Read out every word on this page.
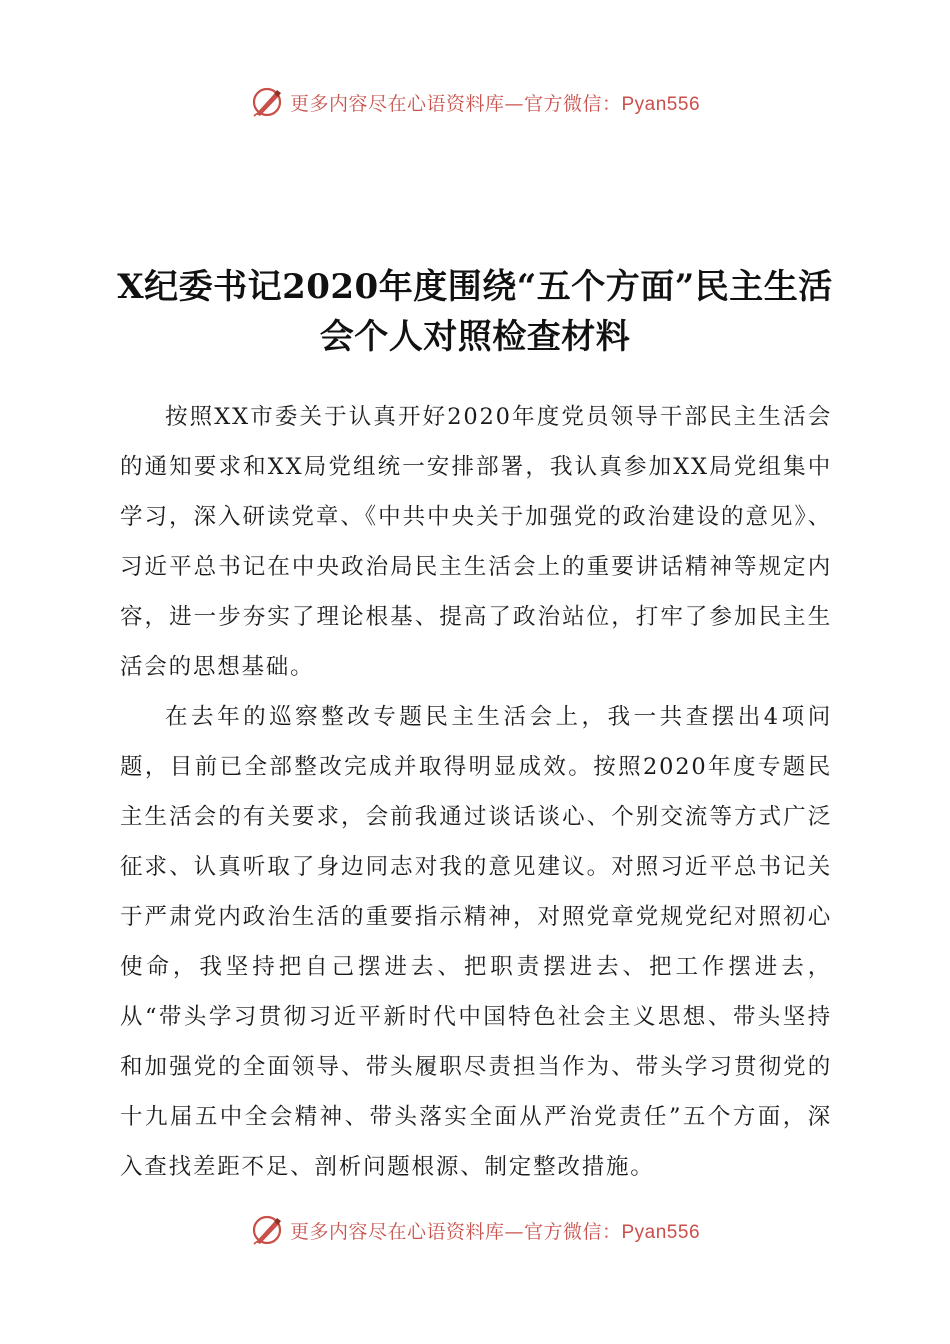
更多内容尽在心语资料库—官方微信：Pyan556
X纪委书记2020年度围绕“五个方面”民主生活会个人对照检查材料

按照XX市委关于认真开好2020年度党员领导干部民主生活会的通知要求和XX局党组统一安排部署，我认真参加XX局党组集中学习，深入研读党章、《中共中央关于加强党的政治建设的意见》、习近平总书记在中央政治局民主生活会上的重要讲话精神等规定内容，进一步夯实了理论根基、提高了政治站位，打牢了参加民主生活会的思想基础。

在去年的巡察整改专题民主生活会上，我一共查摆出4项问题，目前已全部整改完成并取得明显成效。按照2020年度专题民主生活会的有关要求，会前我通过谈话谈心、个别交流等方式广泛征求、认真听取了身边同志对我的意见建议。对照习近平总书记关于严肃党内政治生活的重要指示精神，对照党章党规党纪对照初心使命，我坚持把自己摆进去、把职责摆进去、把工作摆进去，从“带头学习贯彻习近平新时代中国特色社会主义思想、带头坚持和加强党的全面领导、带头履职尽责担当作为、带头学习贯彻党的十九届五中全会精神、带头落实全面从严治党责任”五个方面，深入查找差距不足、剖析问题根源、制定整改措施。

更多内容尽在心语资料库—官方微信：Pyan556
